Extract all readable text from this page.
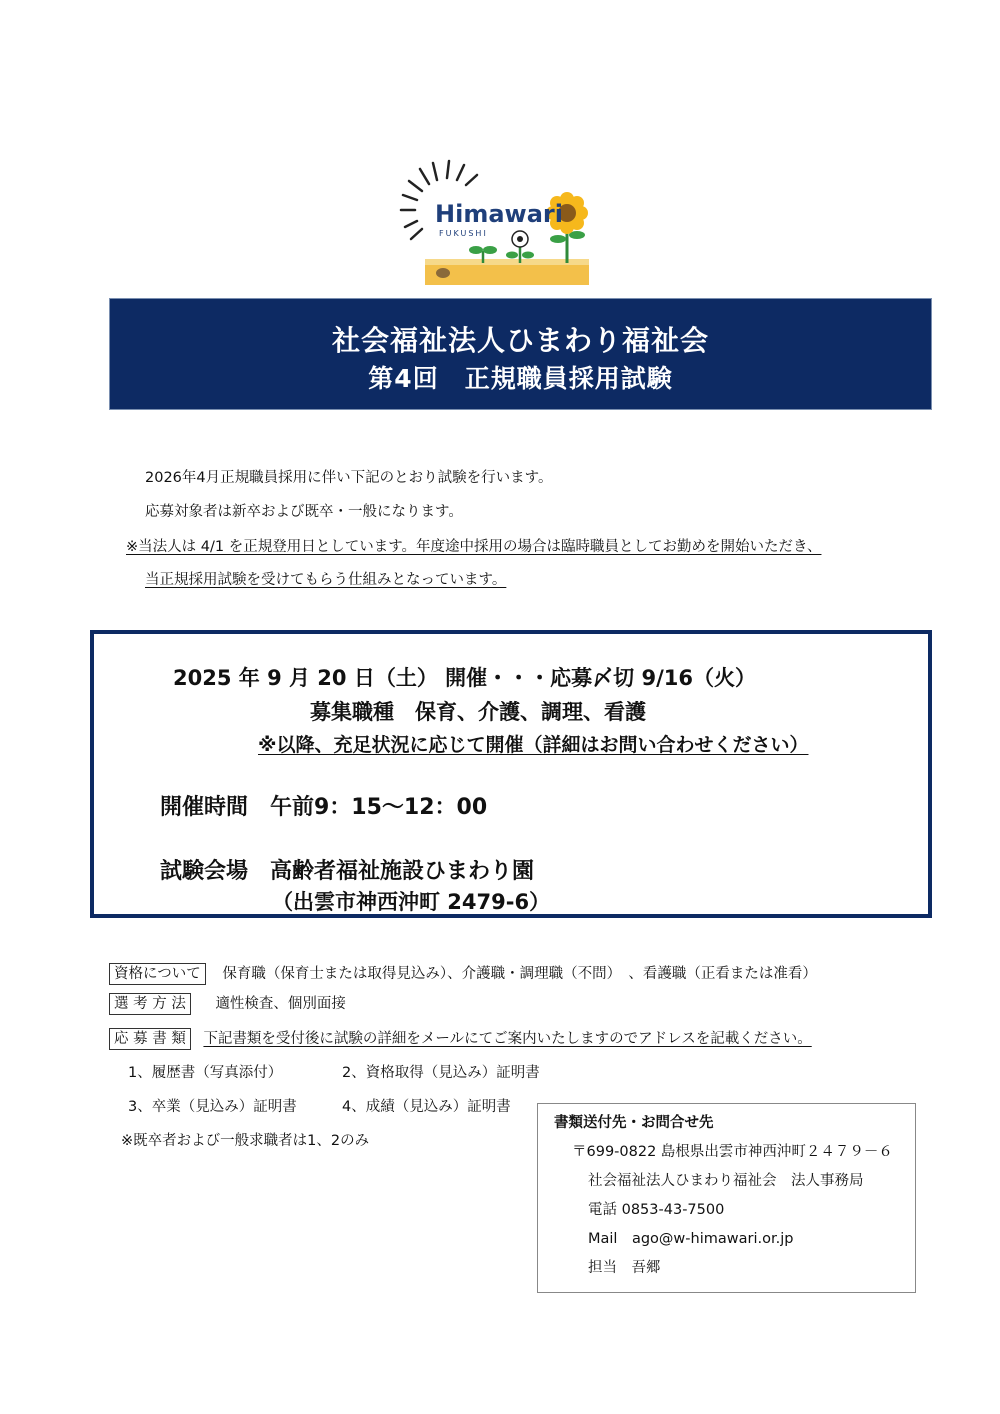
Himawari
FUKUSHI
社会福祉法人ひまわり福祉会
第4回　正規職員採用試験
2026年4月正規職員採用に伴い下記のとおり試験を行います。
応募対象者は新卒および既卒・一般になります。
※当法人は 4/1 を正規登用日としています。年度途中採用の場合は臨時職員としてお勤めを開始いただき、
当正規採用試験を受けてもらう仕組みとなっています。
2025 年 9 月 20 日（土） 開催・・・応募〆切 9/16（火）
募集職種　保育、介護、調理、看護
※以降、充足状況に応じて開催（詳細はお問い合わせください）
開催時間　午前9：15～12：00
試験会場　高齢者福祉施設ひまわり園
（出雲市神西沖町 2479-6）
資格について 保育職（保育士または取得見込み）、介護職・調理職（不問）　、看護職（正看または准看）
選 考 方 法 適性検査、個別面接
応 募 書 類 下記書類を受付後に試験の詳細をメールにてご案内いたしますのでアドレスを記載ください。
1、履歴書（写真添付）	2、資格取得（見込み）証明書
3、卒業（見込み）証明書	4、成績（見込み）証明書
※既卒者および一般求職者は1、2のみ
書類送付先・お問合せ先
〒699-0822 島根県出雲市神西沖町２４７９－６
社会福祉法人ひまわり福祉会　法人事務局
電話 0853-43-7500
Mail　ago@w-himawari.or.jp
担当　吾郷
